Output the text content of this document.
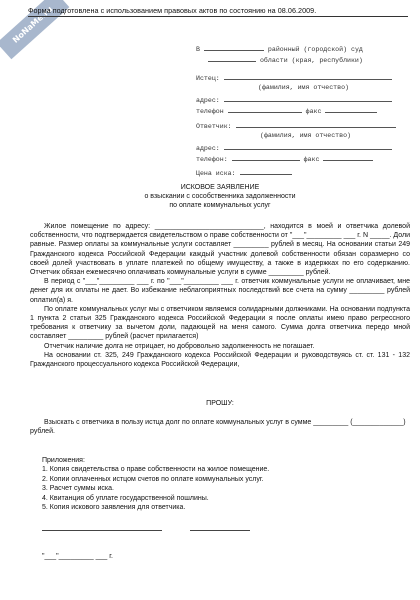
NoNaMe.ru
Форма подготовлена с использованием правовых актов по состоянию на 08.06.2009.
В	районный (городской) суд
области (края, республики)
Истец:
(фамилия, имя отчество)
адрес:
телефон	факс
Ответчик:
(фамилия, имя отчество)
адрес:
телефон:	факс
Цена иска:
ИСКОВОЕ ЗАЯВЛЕНИЕ
о взыскании с сособственника задолженности
по оплате коммунальных услуг

Жилое помещение по адресу: ____________________________, находится в моей и ответчика долевой собственности, что подтверждается свидетельством о праве собственности от "___"_________ ___ г. N _____. Доли равные. Размер оплаты за коммунальные услуги составляет _________ рублей в месяц. На основании статьи 249 Гражданского кодекса Российской Федерации каждый участник долевой собственности обязан соразмерно со своей долей участвовать в уплате платежей по общему имуществу, а также в издержках по его содержанию. Отчетчик обязан ежемесячно оплачивать коммунальные услуги в сумме _________ рублей.

В период с "___"_________ ___ г. по "___"_________ ___ г. ответчик коммунальные услуги не оплачивает, мне денег для их оплаты не дает. Во избежание неблагоприятных последствий все счета на сумму _________ рублей оплатил(а) я.

По оплате коммунальных услуг мы с ответчиком являемся солидарными должниками. На основании подпункта 1 пункта 2 статьи 325 Гражданского кодекса Российской Федерации я после оплаты имею право регрессного требования к ответчику за вычетом доли, падающей на меня самого. Сумма долга ответчика передо мной составляет _________ рублей (расчет прилагается)

Отчетчик наличие долга не отрицает, но добровольно задолженность не погашает.

На основании ст. 325, 249 Гражданского кодекса Российской Федерации и руководствуясь ст. ст. 131 - 132 Гражданского процессуального кодекса Российской Федерации,

ПРОШУ:
Взыскать с ответчика в пользу истца долг по оплате коммунальных услуг в сумме _________ (_____________) рублей.
Приложения:
1. Копия свидетельства о праве собственности на жилое помещение.
2. Копии оплаченных истцом счетов по оплате коммунальных услуг.
3. Расчет суммы иска.
4. Квитанция об уплате государственной пошлины.
5. Копия искового заявления для ответчика.
"___"_________ ___ г.
